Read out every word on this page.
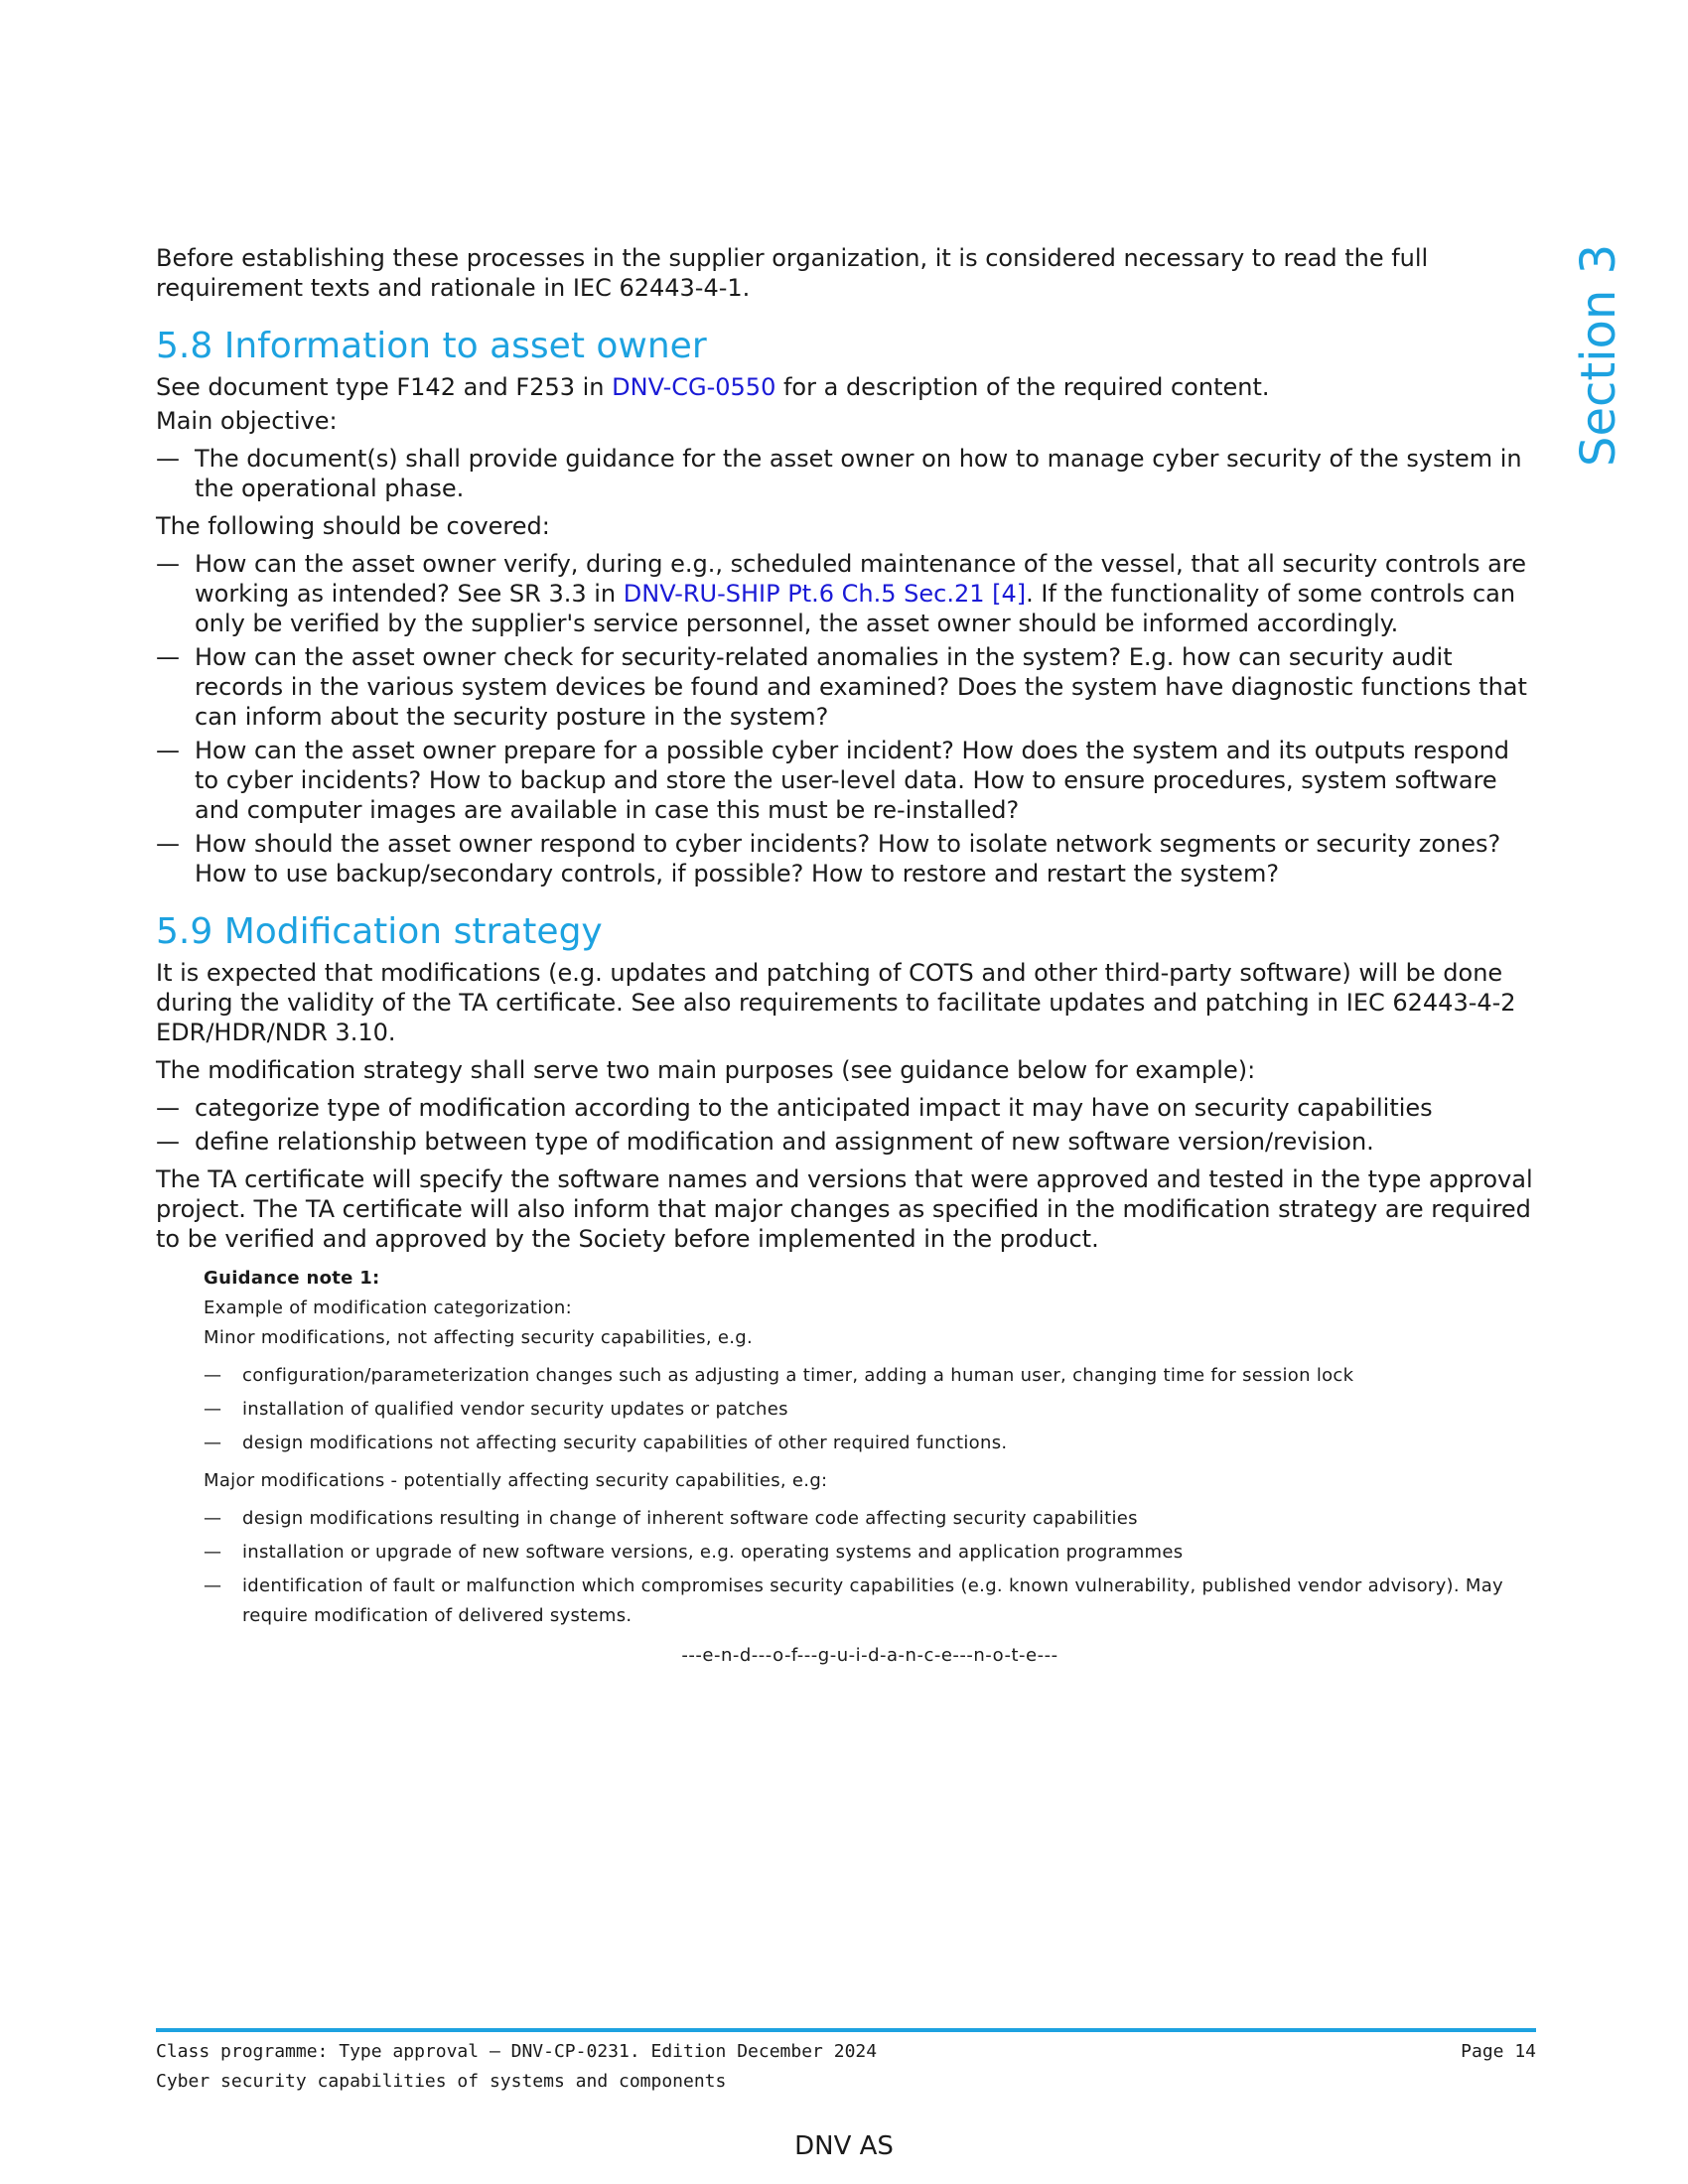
Section 3

Before establishing these processes in the supplier organization, it is considered necessary to read the full requirement texts and rationale in IEC 62443-4-1.

5.8 Information to asset owner

See document type F142 and F253 in DNV-CG-0550 for a description of the required content.

Main objective:

— The document(s) shall provide guidance for the asset owner on how to manage cyber security of the system in the operational phase.

The following should be covered:

— How can the asset owner verify, during e.g., scheduled maintenance of the vessel, that all security controls are working as intended? See SR 3.3 in DNV-RU-SHIP Pt.6 Ch.5 Sec.21 [4]. If the functionality of some controls can only be verified by the supplier's service personnel, the asset owner should be informed accordingly.
— How can the asset owner check for security-related anomalies in the system? E.g. how can security audit records in the various system devices be found and examined? Does the system have diagnostic functions that can inform about the security posture in the system?
— How can the asset owner prepare for a possible cyber incident? How does the system and its outputs respond to cyber incidents? How to backup and store the user-level data. How to ensure procedures, system software and computer images are available in case this must be re-installed?
— How should the asset owner respond to cyber incidents? How to isolate network segments or security zones? How to use backup/secondary controls, if possible? How to restore and restart the system?
5.9 Modification strategy

It is expected that modifications (e.g. updates and patching of COTS and other third-party software) will be done during the validity of the TA certificate. See also requirements to facilitate updates and patching in IEC 62443-4-2 EDR/HDR/NDR 3.10.

The modification strategy shall serve two main purposes (see guidance below for example):

— categorize type of modification according to the anticipated impact it may have on security capabilities
— define relationship between type of modification and assignment of new software version/revision.

The TA certificate will specify the software names and versions that were approved and tested in the type approval project. The TA certificate will also inform that major changes as specified in the modification strategy are required to be verified and approved by the Society before implemented in the product.

Guidance note 1:

Example of modification categorization:

Minor modifications, not affecting security capabilities, e.g.

— configuration/parameterization changes such as adjusting a timer, adding a human user, changing time for session lock
— installation of qualified vendor security updates or patches
— design modifications not affecting security capabilities of other required functions.

Major modifications - potentially affecting security capabilities, e.g:

— design modifications resulting in change of inherent software code affecting security capabilities
— installation or upgrade of new software versions, e.g. operating systems and application programmes
— identification of fault or malfunction which compromises security capabilities (e.g. known vulnerability, published vendor advisory). May require modification of delivered systems.

---e-n-d---o-f---g-u-i-d-a-n-c-e---n-o-t-e---

Class programme: Type approval — DNV-CP-0231. Edition December 2024	Page 14
Cyber security capabilities of systems and components
DNV AS
